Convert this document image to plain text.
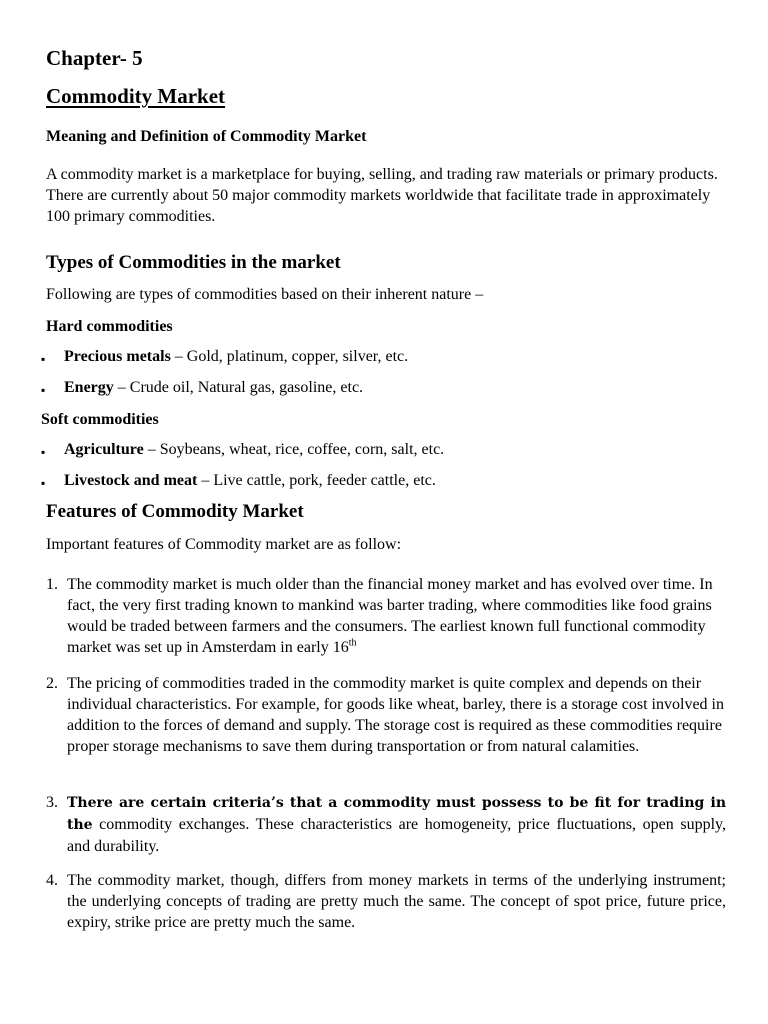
Chapter- 5
Commodity Market
Meaning and Definition of Commodity Market
A commodity market is a marketplace for buying, selling, and trading raw materials or primary products. There are currently about 50 major commodity markets worldwide that facilitate trade in approximately 100 primary commodities.
Types of Commodities in the market
Following are types of commodities based on their inherent nature –
Hard commodities
▪ Precious metals – Gold, platinum, copper, silver, etc.
▪ Energy – Crude oil, Natural gas, gasoline, etc.
Soft commodities
▪ Agriculture – Soybeans, wheat, rice, coffee, corn, salt, etc.
▪ Livestock and meat – Live cattle, pork, feeder cattle, etc.
Features of Commodity Market
Important features of Commodity market are as follow:
1. The commodity market is much older than the financial money market and has evolved over time. In fact, the very first trading known to mankind was barter trading, where commodities like food grains would be traded between farmers and the consumers. The earliest known full functional commodity market was set up in Amsterdam in early 16th
2. The pricing of commodities traded in the commodity market is quite complex and depends on their individual characteristics. For example, for goods like wheat, barley, there is a storage cost involved in addition to the forces of demand and supply. The storage cost is required as these commodities require proper storage mechanisms to save them during transportation or from natural calamities.
3. There are certain criteria’s that a commodity must possess to be fit for trading in the commodity exchanges. These characteristics are homogeneity, price fluctuations, open supply, and durability.
4. The commodity market, though, differs from money markets in terms of the underlying instrument; the underlying concepts of trading are pretty much the same. The concept of spot price, future price, expiry, strike price are pretty much the same.
